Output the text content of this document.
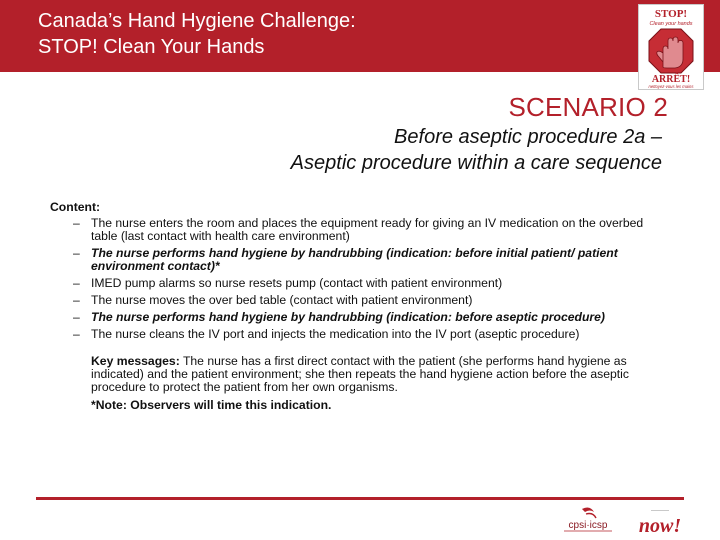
Canada’s Hand Hygiene Challenge:
STOP! Clean Your Hands
STOP!
Clean your hands
ARRÊT!
nettoyez-vous les mains
SCENARIO 2
Before aseptic procedure 2a –
Aseptic procedure within a care sequence
Content:
– The nurse enters the room and places the equipment ready for giving an IV medication on the overbed table (last contact with health care environment)
– The nurse performs hand hygiene by handrubbing (indication: before initial patient/ patient environment contact)*
– IMED pump alarms so nurse resets pump (contact with patient environment)
– The nurse moves the over bed table (contact with patient environment)
– The nurse performs hand hygiene by handrubbing (indication: before aseptic procedure)
– The nurse cleans the IV port and injects the medication into the IV port (aseptic procedure)
Key messages: The nurse has a first direct contact with the patient (she performs hand hygiene as indicated) and the patient environment; she then repeats the hand hygiene action before the aseptic procedure to protect the patient from her own organisms.
*Note: Observers will time this indication.
cpsi·icsp
————
now!
